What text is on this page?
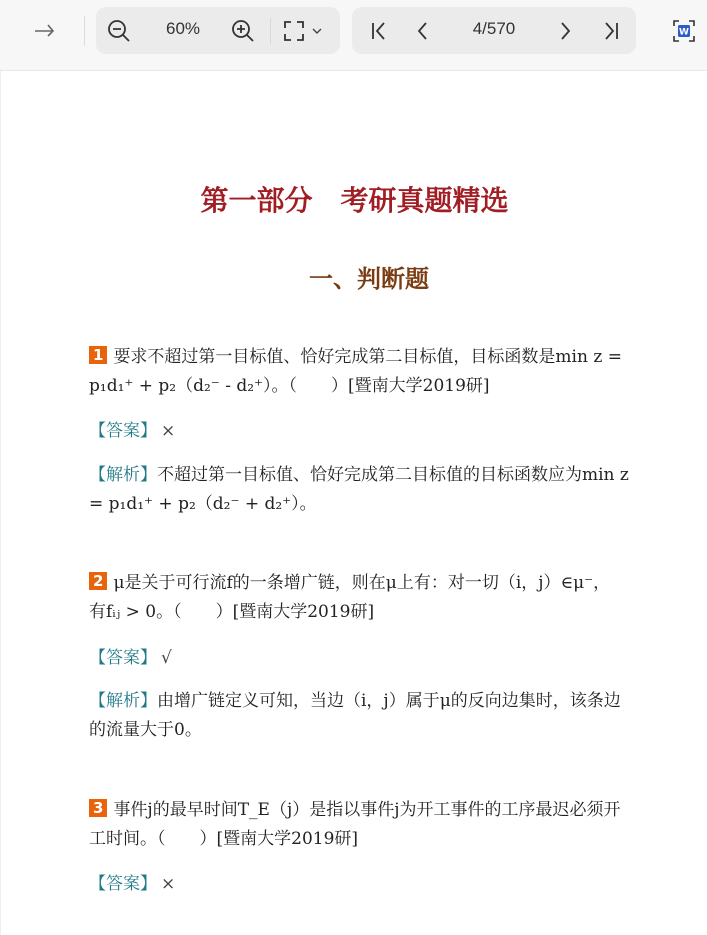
60%	4/570	W
第一部分　考研真题精选
一、判断题
1 要求不超过第一目标值、恰好完成第二目标值，目标函数是min z =
p₁d₁⁺ + p₂（d₂⁻ - d₂⁺）。（　　）[暨南大学2019研]
【答案】 ×
【解析】不超过第一目标值、恰好完成第二目标值的目标函数应为min z
= p₁d₁⁺ + p₂（d₂⁻ + d₂⁺）。
2 μ是关于可行流f的一条增广链，则在μ上有：对一切（i，j）∈μ⁻，
有fᵢⱼ > 0。（　　）[暨南大学2019研]
【答案】 √
【解析】由增广链定义可知，当边（i，j）属于μ的反向边集时，该条边
的流量大于0。
3 事件j的最早时间T_E（j）是指以事件j为开工事件的工序最迟必须开
工时间。（　　）[暨南大学2019研]
【答案】 ×
